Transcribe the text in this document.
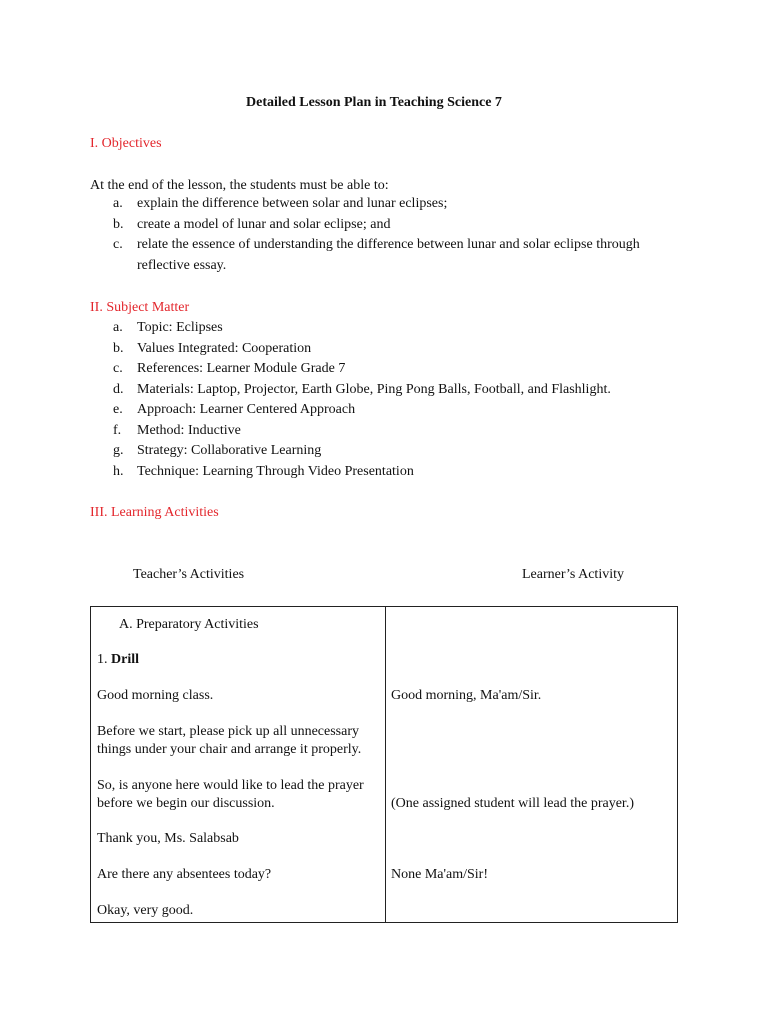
Detailed Lesson Plan in Teaching Science 7
I. Objectives
At the end of the lesson, the students must be able to:
a. explain the difference between solar and lunar eclipses;
b. create a model of lunar and solar eclipse; and
c. relate the essence of understanding the difference between lunar and solar eclipse through
reflective essay.
II. Subject Matter
a. Topic: Eclipses
b. Values Integrated: Cooperation
c. References: Learner Module Grade 7
d. Materials: Laptop, Projector, Earth Globe, Ping Pong Balls, Football, and Flashlight.
e. Approach: Learner Centered Approach
f. Method: Inductive
g. Strategy: Collaborative Learning
h. Technique: Learning Through Video Presentation
III. Learning Activities
Teacher’s Activities	Learner’s Activity
A. Preparatory Activities
1. Drill
Good morning class.
Before we start, please pick up all unnecessary
things under your chair and arrange it properly.
So, is anyone here would like to lead the prayer
before we begin our discussion.
Thank you, Ms. Salabsab
Are there any absentees today?
Okay, very good.
Good morning, Ma'am/Sir.
(One assigned student will lead the prayer.)
None Ma'am/Sir!
